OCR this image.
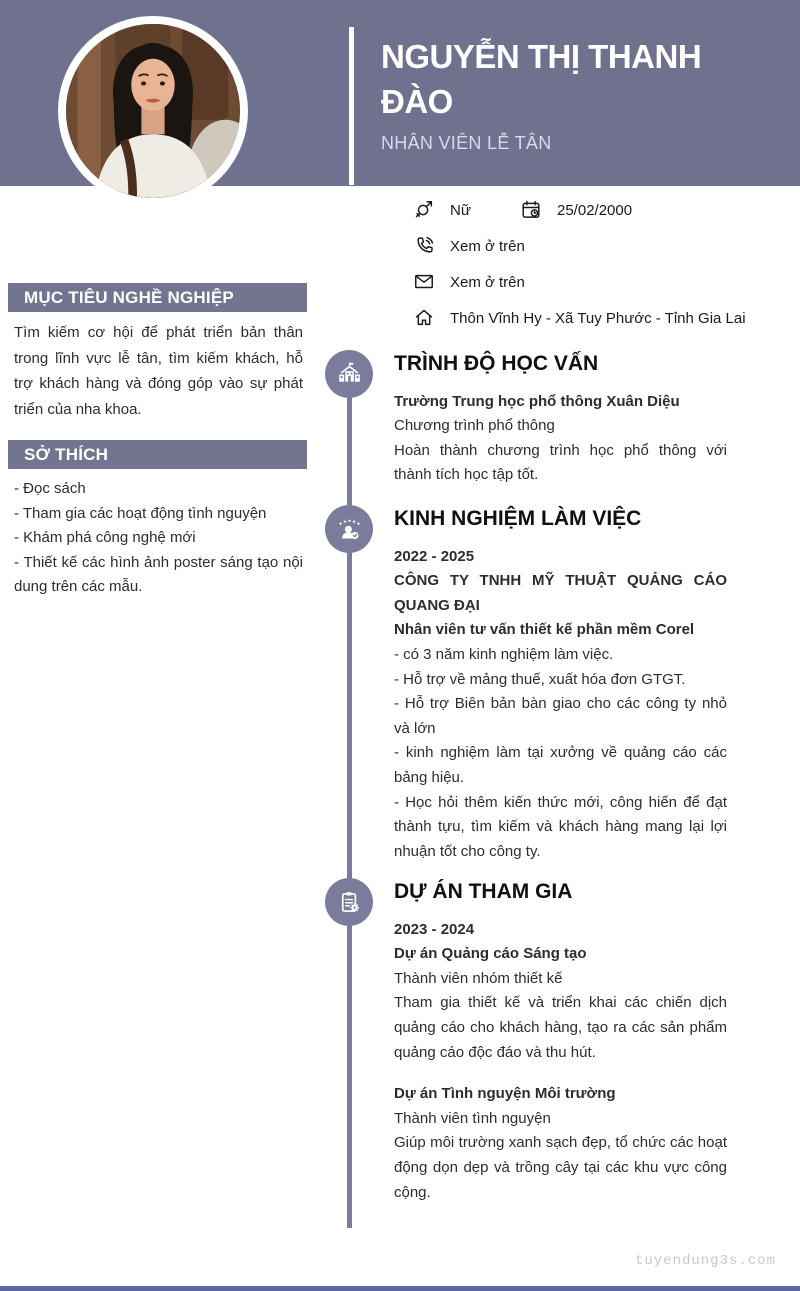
NGUYỄN THỊ THANH
ĐÀO
NHÂN VIÊN LỄ TÂN
Nữ	25/02/2000
Xem ở trên
Xem ở trên
Thôn Vĩnh Hy - Xã Tuy Phước - Tỉnh Gia Lai
MỤC TIÊU NGHỀ NGHIỆP
Tìm kiếm cơ hội để phát triển bản thân trong lĩnh vực lễ tân, tìm kiếm khách, hỗ trợ khách hàng và đóng góp vào sự phát triển của nha khoa.
SỞ THÍCH
- Đọc sách
- Tham gia các hoạt động tình nguyện
- Khám phá công nghệ mới
- Thiết kế các hình ảnh poster sáng tạo nội dung trên các mẫu.
TRÌNH ĐỘ HỌC VẤN
Trường Trung học phổ thông Xuân Diệu
Chương trình phổ thông
Hoàn thành chương trình học phổ thông với thành tích học tập tốt.
KINH NGHIỆM LÀM VIỆC
2022 - 2025
CÔNG TY TNHH MỸ THUẬT QUẢNG CÁO QUANG ĐẠI
Nhân viên tư vấn thiết kế phần mềm Corel
- có 3 năm kinh nghiệm làm việc.
- Hỗ trợ về mảng thuế, xuất hóa đơn GTGT.
- Hỗ trợ Biên bản bàn giao cho các công ty nhỏ và lớn
- kinh nghiệm làm tại xưởng về quảng cáo các bảng hiệu.
- Học hỏi thêm kiến thức mới, công hiến để đạt thành tựu, tìm kiếm và khách hàng mang lại lợi nhuận tốt cho công ty.
DỰ ÁN THAM GIA
2023 - 2024
Dự án Quảng cáo Sáng tạo
Thành viên nhóm thiết kế
Tham gia thiết kế và triển khai các chiến dịch quảng cáo cho khách hàng, tạo ra các sản phẩm quảng cáo độc đáo và thu hút.
Dự án Tình nguyện Môi trường
Thành viên tình nguyện
Giúp môi trường xanh sạch đẹp, tổ chức các hoạt động dọn dẹp và trồng cây tại các khu vực công cộng.
tuyendung3s.com
